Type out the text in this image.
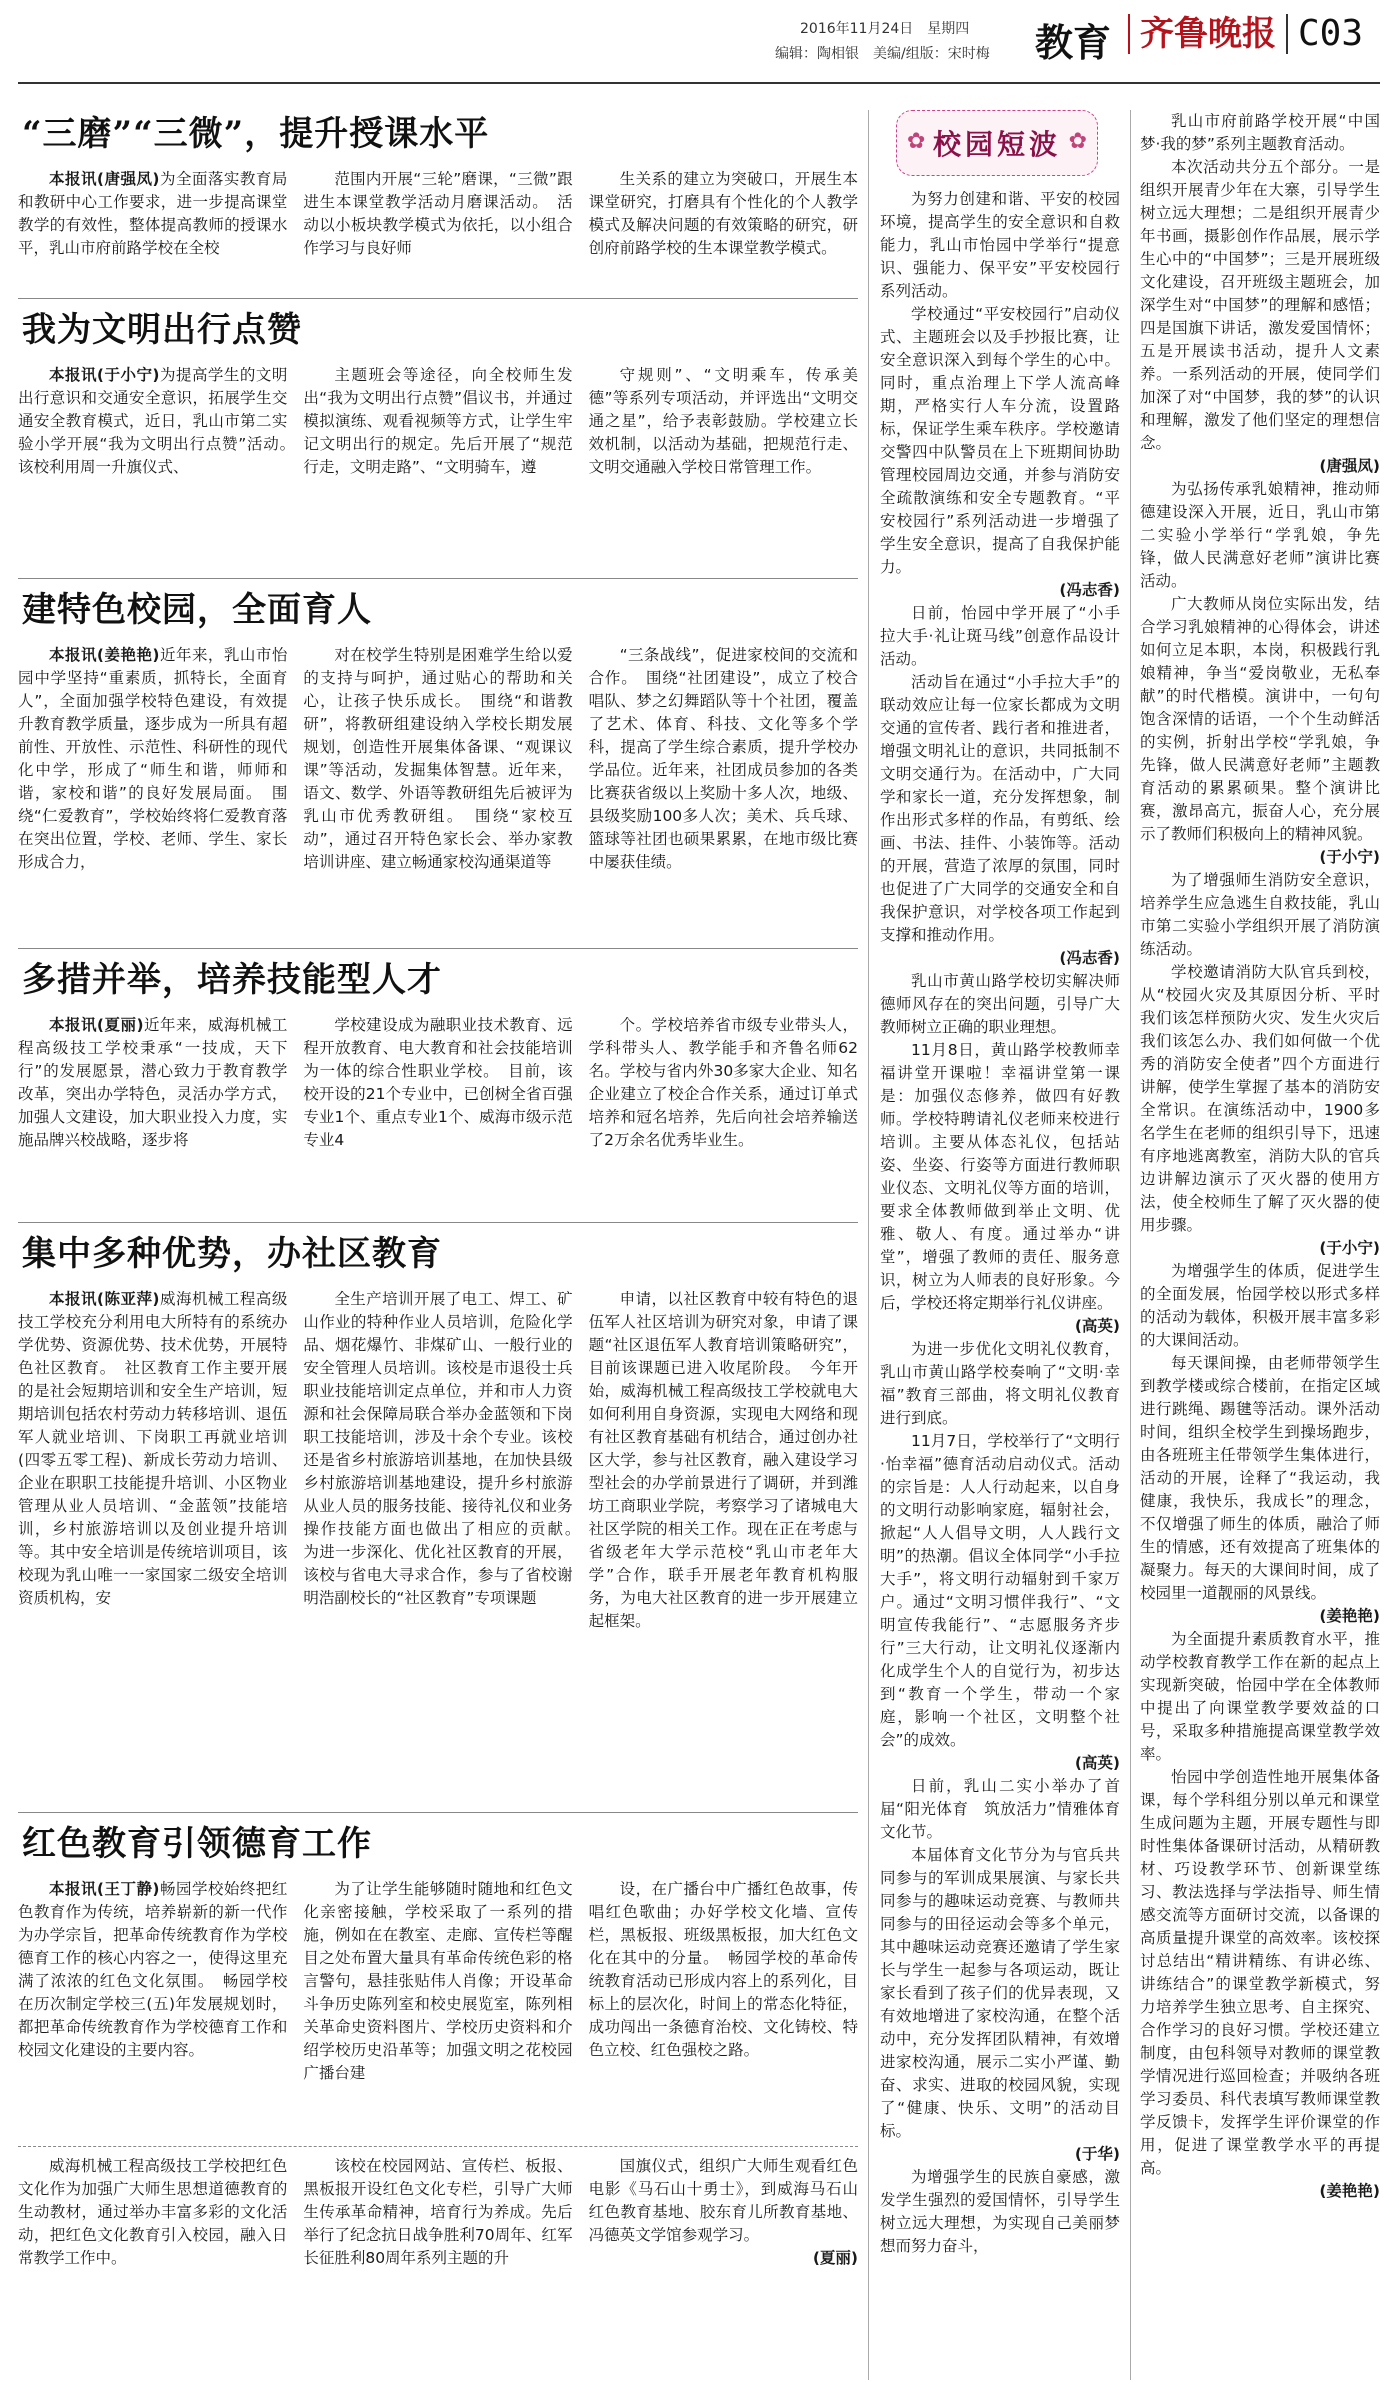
2016年11月24日　星期四
编辑：陶相银　美编/组版：宋时梅 教育 齐鲁晚报 C03
“三磨”“三微”，提升授课水平

本报讯(唐强凤)为全面落实教育局和教研中心工作要求，进一步提高课堂教学的有效性，整体提高教师的授课水平，乳山市府前路学校在全校

范围内开展“三轮”磨课，“三微”跟进生本课堂教学活动月磨课活动。　活动以小板块教学模式为依托，以小组合作学习与良好师

生关系的建立为突破口，开展生本课堂研究，打磨具有个性化的个人教学模式及解决问题的有效策略的研究，研创府前路学校的生本课堂教学模式。

我为文明出行点赞

本报讯(于小宁)为提高学生的文明出行意识和交通安全意识，拓展学生交通安全教育模式，近日，乳山市第二实验小学开展“我为文明出行点赞”活动。　该校利用周一升旗仪式、

主题班会等途径，向全校师生发出“我为文明出行点赞”倡议书，并通过模拟演练、观看视频等方式，让学生牢记文明出行的规定。先后开展了“规范行走，文明走路”、“文明骑车，遵

守规则”、“文明乘车，传承美德”等系列专项活动，并评选出“文明交通之星”，给予表彰鼓励。学校建立长效机制，以活动为基础，把规范行走、文明交通融入学校日常管理工作。

建特色校园，全面育人

本报讯(姜艳艳)近年来，乳山市怡园中学坚持“重素质，抓特长，全面育人”，全面加强学校特色建设，有效提升教育教学质量，逐步成为一所具有超前性、开放性、示范性、科研性的现代化中学，形成了“师生和谐，师师和谐，家校和谐”的良好发展局面。　围绕“仁爱教育”，学校始终将仁爱教育落在突出位置，学校、老师、学生、家长形成合力，

对在校学生特别是困难学生给以爱的支持与呵护，通过贴心的帮助和关心，让孩子快乐成长。　围绕“和谐教研”，将教研组建设纳入学校长期发展规划，创造性开展集体备课、“观课议课”等活动，发掘集体智慧。近年来，语文、数学、外语等教研组先后被评为乳山市优秀教研组。　围绕“家校互动”，通过召开特色家长会、举办家教培训讲座、建立畅通家校沟通渠道等

“三条战线”，促进家校间的交流和合作。　围绕“社团建设”，成立了校合唱队、梦之幻舞蹈队等十个社团，覆盖了艺术、体育、科技、文化等多个学科，提高了学生综合素质，提升学校办学品位。近年来，社团成员参加的各类比赛获省级以上奖励十多人次，地级、县级奖励100多人次；美术、兵乓球、篮球等社团也硕果累累，在地市级比赛中屡获佳绩。

多措并举，培养技能型人才

本报讯(夏丽)近年来，威海机械工程高级技工学校秉承“一技成，天下行”的发展愿景，潜心致力于教育教学改革，突出办学特色，灵活办学方式，加强人文建设，加大职业投入力度，实施品牌兴校战略，逐步将

学校建设成为融职业技术教育、远程开放教育、电大教育和社会技能培训为一体的综合性职业学校。　目前，该校开设的21个专业中，已创树全省百强专业1个、重点专业1个、威海市级示范专业4

个。学校培养省市级专业带头人，学科带头人、教学能手和齐鲁名师62名。学校与省内外30多家大企业、知名企业建立了校企合作关系，通过订单式培养和冠名培养，先后向社会培养输送了2万余名优秀毕业生。

集中多种优势，办社区教育

本报讯(陈亚萍)威海机械工程高级技工学校充分利用电大所特有的系统办学优势、资源优势、技术优势，开展特色社区教育。　社区教育工作主要开展的是社会短期培训和安全生产培训，短期培训包括农村劳动力转移培训、退伍军人就业培训、下岗职工再就业培训(四零五零工程)、新成长劳动力培训、企业在职职工技能提升培训、小区物业管理从业人员培训、“金蓝领”技能培训，乡村旅游培训以及创业提升培训等。其中安全培训是传统培训项目，该校现为乳山唯一一家国家二级安全培训资质机构，安

全生产培训开展了电工、焊工、矿山作业的特种作业人员培训，危险化学品、烟花爆竹、非煤矿山、一般行业的安全管理人员培训。该校是市退役士兵职业技能培训定点单位，并和市人力资源和社会保障局联合举办金蓝领和下岗职工技能培训，涉及十余个专业。该校还是省乡村旅游培训基地，在加快县级乡村旅游培训基地建设，提升乡村旅游从业人员的服务技能、接待礼仪和业务操作技能方面也做出了相应的贡献。　为进一步深化、优化社区教育的开展，该校与省电大寻求合作，参与了省校谢明浩副校长的“社区教育”专项课题

申请，以社区教育中较有特色的退伍军人社区培训为研究对象，申请了课题“社区退伍军人教育培训策略研究”，目前该课题已进入收尾阶段。　今年开始，威海机械工程高级技工学校就电大如何利用自身资源，实现电大网络和现有社区教育基础有机结合，通过创办社区大学，参与社区教育，融入建设学习型社会的办学前景进行了调研，并到潍坊工商职业学院，考察学习了诸城电大社区学院的相关工作。现在正在考虑与省级老年大学示范校“乳山市老年大学”合作，联手开展老年教育机构服务，为电大社区教育的进一步开展建立起框架。

红色教育引领德育工作

本报讯(王丁静)畅园学校始终把红色教育作为传统，培养崭新的新一代作为办学宗旨，把革命传统教育作为学校德育工作的核心内容之一，使得这里充满了浓浓的红色文化氛围。　畅园学校在历次制定学校三(五)年发展规划时，都把革命传统教育作为学校德育工作和校园文化建设的主要内容。

为了让学生能够随时随地和红色文化亲密接触，学校采取了一系列的措施，例如在在教室、走廊、宣传栏等醒目之处布置大量具有革命传统色彩的格言警句，悬挂张贴伟人肖像；开设革命斗争历史陈列室和校史展览室，陈列相关革命史资料图片、学校历史资料和介绍学校历史沿革等；加强文明之花校园广播台建

设，在广播台中广播红色故事，传唱红色歌曲；办好学校文化墙、宣传栏，黑板报、班级黑板报，加大红色文化在其中的分量。　畅园学校的革命传统教育活动已形成内容上的系列化，目标上的层次化，时间上的常态化特征，成功闯出一条德育治校、文化铸校、特色立校、红色强校之路。

威海机械工程高级技工学校把红色文化作为加强广大师生思想道德教育的生动教材，通过举办丰富多彩的文化活动，把红色文化教育引入校园，融入日常教学工作中。

该校在校园网站、宣传栏、板报、黑板报开设红色文化专栏，引导广大师生传承革命精神，培育行为养成。先后举行了纪念抗日战争胜利70周年、红军长征胜利80周年系列主题的升

国旗仪式，组织广大师生观看红色电影《马石山十勇士》，到威海马石山红色教育基地、胶东育儿所教育基地、冯德英文学馆参观学习。
(夏丽)

✿ 校园短波 ✿

为努力创建和谐、平安的校园环境，提高学生的安全意识和自救能力，乳山市怡园中学举行“提意识、强能力、保平安”平安校园行系列活动。

学校通过“平安校园行”启动仪式、主题班会以及手抄报比赛，让安全意识深入到每个学生的心中。同时，重点治理上下学人流高峰期，严格实行人车分流，设置路标，保证学生乘车秩序。学校邀请交警四中队警员在上下班期间协助管理校园周边交通，并参与消防安全疏散演练和安全专题教育。“平安校园行”系列活动进一步增强了学生安全意识，提高了自我保护能力。
(冯志香)

日前，怡园中学开展了“小手拉大手·礼让斑马线”创意作品设计活动。

活动旨在通过“小手拉大手”的联动效应让每一位家长都成为文明交通的宣传者、践行者和推进者，增强文明礼让的意识，共同抵制不文明交通行为。在活动中，广大同学和家长一道，充分发挥想象，制作出形式多样的作品，有剪纸、绘画、书法、挂件、小装饰等。活动的开展，营造了浓厚的氛围，同时也促进了广大同学的交通安全和自我保护意识，对学校各项工作起到支撑和推动作用。
(冯志香)

乳山市黄山路学校切实解决师德师风存在的突出问题，引导广大教师树立正确的职业理想。

11月8日，黄山路学校教师幸福讲堂开课啦！幸福讲堂第一课是：加强仪态修养，做四有好教师。学校特聘请礼仪老师来校进行培训。主要从体态礼仪，包括站姿、坐姿、行姿等方面进行教师职业仪态、文明礼仪等方面的培训，要求全体教师做到举止文明、优雅、敬人、有度。通过举办“讲堂”，增强了教师的责任、服务意识，树立为人师表的良好形象。今后，学校还将定期举行礼仪讲座。
(高英)

为进一步优化文明礼仪教育，乳山市黄山路学校奏响了“文明·幸福”教育三部曲，将文明礼仪教育进行到底。

11月7日，学校举行了“文明行·怡幸福”德育活动启动仪式。活动的宗旨是：人人行动起来，以自身的文明行动影响家庭，辐射社会，掀起“人人倡导文明，人人践行文明”的热潮。倡议全体同学“小手拉大手”，将文明行动辐射到千家万户。通过“文明习惯伴我行”、“文明宣传我能行”、“志愿服务齐步行”三大行动，让文明礼仪逐渐内化成学生个人的自觉行为，初步达到“教育一个学生，带动一个家庭，影响一个社区，文明整个社会”的成效。
(高英)

日前，乳山二实小举办了首届“阳光体育　筑放活力”情雅体育文化节。

本届体育文化节分为与官兵共同参与的军训成果展演、与家长共同参与的趣味运动竞赛、与教师共同参与的田径运动会等多个单元，其中趣味运动竞赛还邀请了学生家长与学生一起参与各项运动，既让家长看到了孩子们的优异表现，又有效地增进了家校沟通，在整个活动中，充分发挥团队精神，有效增进家校沟通，展示二实小严谨、勤奋、求实、进取的校园风貌，实现了“健康、快乐、文明”的活动目标。
(于华)

为增强学生的民族自豪感，激发学生强烈的爱国情怀，引导学生树立远大理想，为实现自己美丽梦想而努力奋斗，

乳山市府前路学校开展“中国梦·我的梦”系列主题教育活动。

本次活动共分五个部分。一是组织开展青少年在大寨，引导学生树立远大理想；二是组织开展青少年书画，摄影创作作品展，展示学生心中的“中国梦”；三是开展班级文化建设，召开班级主题班会，加深学生对“中国梦”的理解和感悟；四是国旗下讲话，激发爱国情怀；五是开展读书活动，提升人文素养。一系列活动的开展，使同学们加深了对“中国梦，我的梦”的认识和理解，激发了他们坚定的理想信念。
(唐强凤)

为弘扬传承乳娘精神，推动师德建设深入开展，近日，乳山市第二实验小学举行“学乳娘，争先锋，做人民满意好老师”演讲比赛活动。

广大教师从岗位实际出发，结合学习乳娘精神的心得体会，讲述如何立足本职，本岗，积极践行乳娘精神，争当“爱岗敬业，无私奉献”的时代楷模。演讲中，一句句饱含深情的话语，一个个生动鲜活的实例，折射出学校“学乳娘，争先锋，做人民满意好老师”主题教育活动的累累硕果。整个演讲比赛，激昂高亢，振奋人心，充分展示了教师们积极向上的精神风貌。
(于小宁)

为了增强师生消防安全意识，培养学生应急逃生自救技能，乳山市第二实验小学组织开展了消防演练活动。

学校邀请消防大队官兵到校，从“校园火灾及其原因分析、平时我们该怎样预防火灾、发生火灾后我们该怎么办、我们如何做一个优秀的消防安全使者”四个方面进行讲解，使学生掌握了基本的消防安全常识。在演练活动中，1900多名学生在老师的组织引导下，迅速有序地逃离教室，消防大队的官兵边讲解边演示了灭火器的使用方法，使全校师生了解了灭火器的使用步骤。
(于小宁)

为增强学生的体质，促进学生的全面发展，怡园学校以形式多样的活动为载体，积极开展丰富多彩的大课间活动。

每天课间操，由老师带领学生到教学楼或综合楼前，在指定区域进行跳绳、踢毽等活动。课外活动时间，组织全校学生到操场跑步，由各班班主任带领学生集体进行，活动的开展，诠释了“我运动，我健康，我快乐，我成长”的理念，不仅增强了师生的体质，融洽了师生的情感，还有效提高了班集体的凝聚力。每天的大课间时间，成了校园里一道靓丽的风景线。
(姜艳艳)

为全面提升素质教育水平，推动学校教育教学工作在新的起点上实现新突破，怡园中学在全体教师中提出了向课堂教学要效益的口号，采取多种措施提高课堂教学效率。

怡园中学创造性地开展集体备课，每个学科组分别以单元和课堂生成问题为主题，开展专题性与即时性集体备课研讨活动，从精研教材、巧设教学环节、创新课堂练习、教法选择与学法指导、师生情感交流等方面研讨交流，以备课的高质量提升课堂的高效率。该校探讨总结出“精讲精练、有讲必练、讲练结合”的课堂教学新模式，努力培养学生独立思考、自主探究、合作学习的良好习惯。学校还建立制度，由包科领导对教师的课堂教学情况进行巡回检查；并吸纳各班学习委员、科代表填写教师课堂教学反馈卡，发挥学生评价课堂的作用，促进了课堂教学水平的再提高。
(姜艳艳)
